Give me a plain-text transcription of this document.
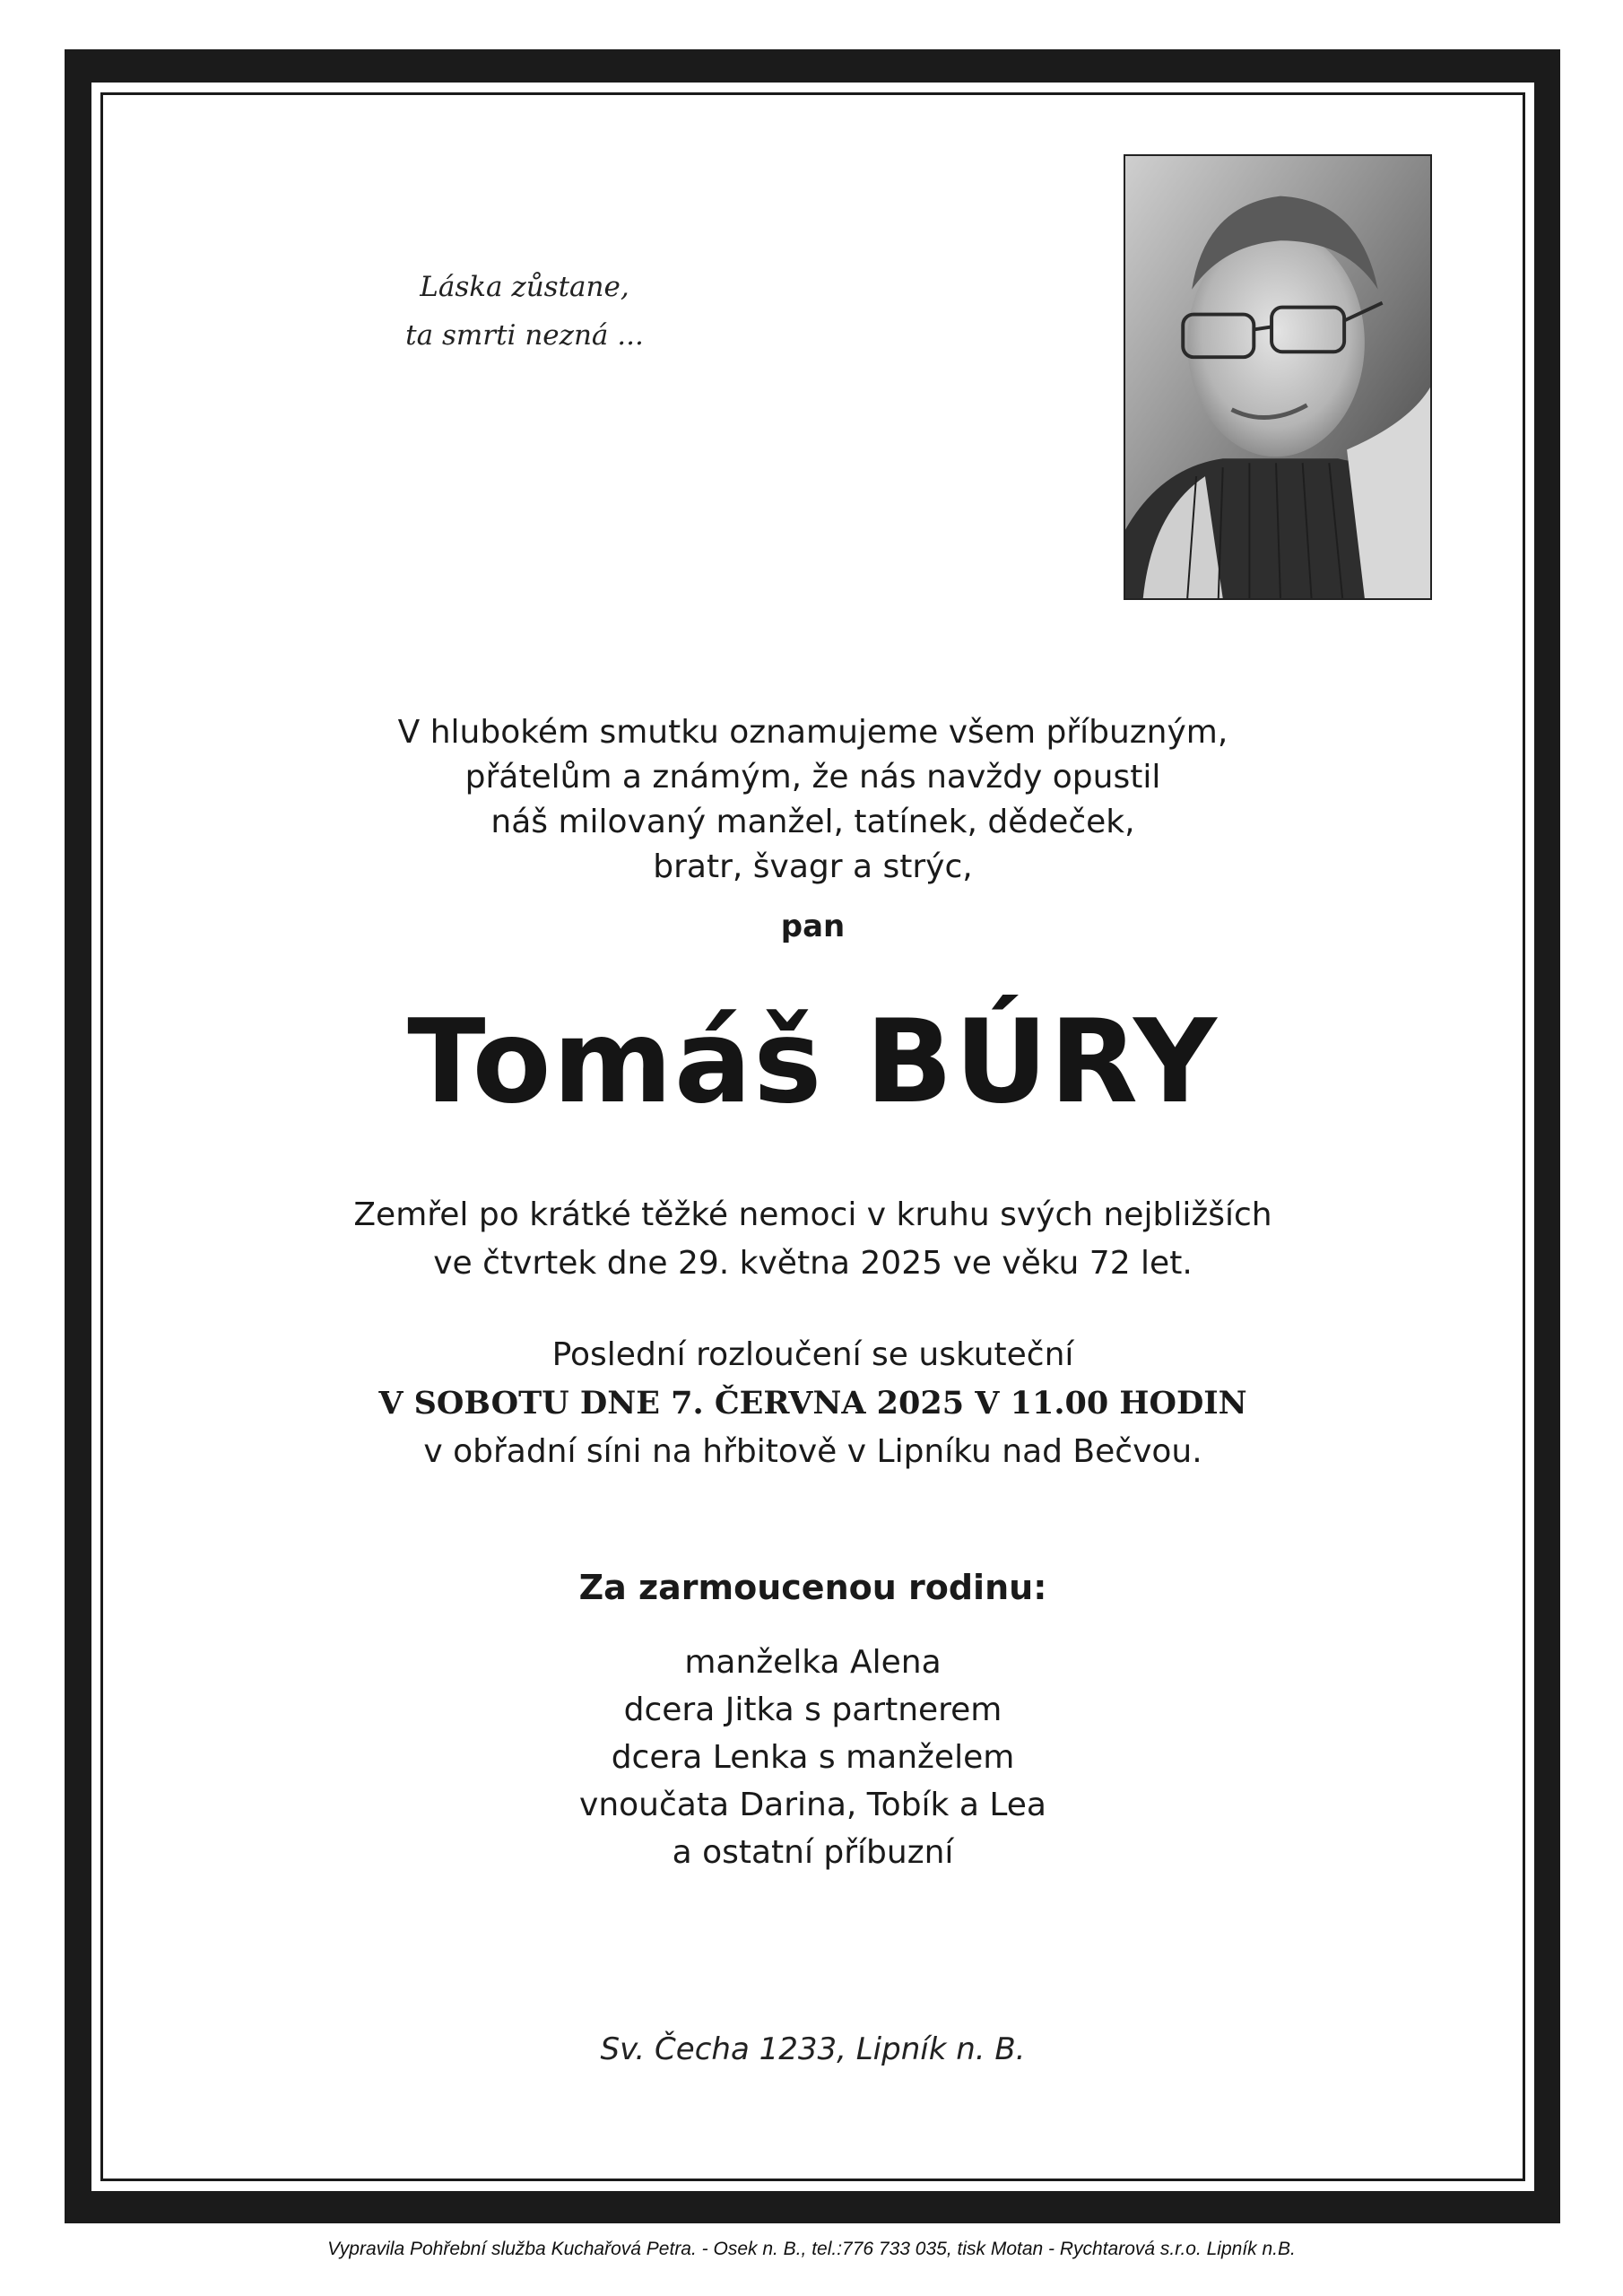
Láska zůstane,
ta smrti nezná ...
V hlubokém smutku oznamujeme všem příbuzným,
přátelům a známým, že nás navždy opustil
náš milovaný manžel, tatínek, dědeček,
bratr, švagr a strýc,
pan
Tomáš BÚRY
Zemřel po krátké těžké nemoci v kruhu svých nejbližších
ve čtvrtek dne 29. května 2025 ve věku 72 let.
Poslední rozloučení se uskuteční
V SOBOTU DNE 7. ČERVNA 2025 V 11.00 HODIN
v obřadní síni na hřbitově v Lipníku nad Bečvou.
Za zarmoucenou rodinu:
manželka Alena
dcera Jitka s partnerem
dcera Lenka s manželem
vnoučata Darina, Tobík a Lea
a ostatní příbuzní
Sv. Čecha 1233, Lipník n. B.
Vypravila Pohřební služba Kuchařová Petra. - Osek n. B., tel.:776 733 035, tisk Motan - Rychtarová s.r.o. Lipník n.B.
